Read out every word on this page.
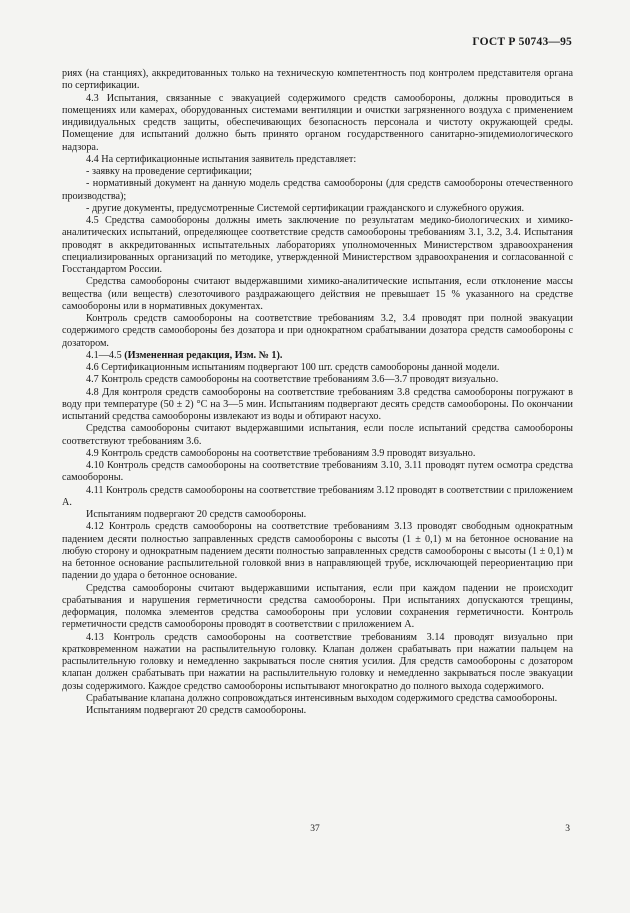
ГОСТ Р 50743—95

риях (на станциях), аккредитованных только на техническую компетентность под контролем представителя органа по сертификации.

4.3 Испытания, связанные с эвакуацией содержимого средств самообороны, должны проводиться в помещениях или камерах, оборудованных системами вентиляции и очистки загрязненного воздуха с применением индивидуальных средств защиты, обеспечивающих безопасность персонала и чистоту окружающей среды. Помещение для испытаний должно быть принято органом государственного санитарно-эпидемиологического надзора.

4.4 На сертификационные испытания заявитель представляет:

- заявку на проведение сертификации;

- нормативный документ на данную модель средства самообороны (для средств самообороны отечественного производства);

- другие документы, предусмотренные Системой сертификации гражданского и служебного оружия.

4.5 Средства самообороны должны иметь заключение по результатам медико-биологических и химико-аналитических испытаний, определяющее соответствие средств самообороны требованиям 3.1, 3.2, 3.4. Испытания проводят в аккредитованных испытательных лабораториях уполномоченных Министерством здравоохранения специализированных организаций по методике, утвержденной Министерством здравоохранения и согласованной с Госстандартом России.

Средства самообороны считают выдержавшими химико-аналитические испытания, если отклонение массы вещества (или веществ) слезоточивого раздражающего действия не превышает 15 % указанного на средстве самообороны или в нормативных документах.

Контроль средств самообороны на соответствие требованиям 3.2, 3.4 проводят при полной эвакуации содержимого средств самообороны без дозатора и при однократном срабатывании дозатора средств самообороны с дозатором.

4.1—4.5 (Измененная редакция, Изм. № 1).

4.6 Сертификационным испытаниям подвергают 100 шт. средств самообороны данной модели.

4.7 Контроль средств самообороны на соответствие требованиям 3.6—3.7 проводят визуально.

4.8 Для контроля средств самообороны на соответствие требованиям 3.8 средства самообороны погружают в воду при температуре (50 ± 2) °С на 3—5 мин. Испытаниям подвергают десять средств самообороны. По окончании испытаний средства самообороны извлекают из воды и обтирают насухо.

Средства самообороны считают выдержавшими испытания, если после испытаний средства самообороны соответствуют требованиям 3.6.

4.9 Контроль средств самообороны на соответствие требованиям 3.9 проводят визуально.

4.10 Контроль средств самообороны на соответствие требованиям 3.10, 3.11 проводят путем осмотра средства самообороны.

4.11 Контроль средств самообороны на соответствие требованиям 3.12 проводят в соответствии с приложением А.

Испытаниям подвергают 20 средств самообороны.

4.12 Контроль средств самообороны на соответствие требованиям 3.13 проводят свободным однократным падением десяти полностью заправленных средств самообороны с высоты (1 ± 0,1) м на бетонное основание на любую сторону и однократным падением десяти полностью заправленных средств самообороны с высоты (1 ± 0,1) м на бетонное основание распылительной головкой вниз в направляющей трубе, исключающей переориентацию при падении до удара о бетонное основание.

Средства самообороны считают выдержавшими испытания, если при каждом падении не происходит срабатывания и нарушения герметичности средства самообороны. При испытаниях допускаются трещины, деформация, поломка элементов средства самообороны при условии сохранения герметичности. Контроль герметичности средств самообороны проводят в соответствии с приложением А.

4.13 Контроль средств самообороны на соответствие требованиям 3.14 проводят визуально при кратковременном нажатии на распылительную головку. Клапан должен срабатывать при нажатии пальцем на распылительную головку и немедленно закрываться после снятия усилия. Для средств самообороны с дозатором клапан должен срабатывать при нажатии на распылительную головку и немедленно закрываться после эвакуации дозы содержимого. Каждое средство самообороны испытывают многократно до полного выхода содержимого.

Срабатывание клапана должно сопровождаться интенсивным выходом содержимого средства самообороны.

Испытаниям подвергают 20 средств самообороны.

37	3
